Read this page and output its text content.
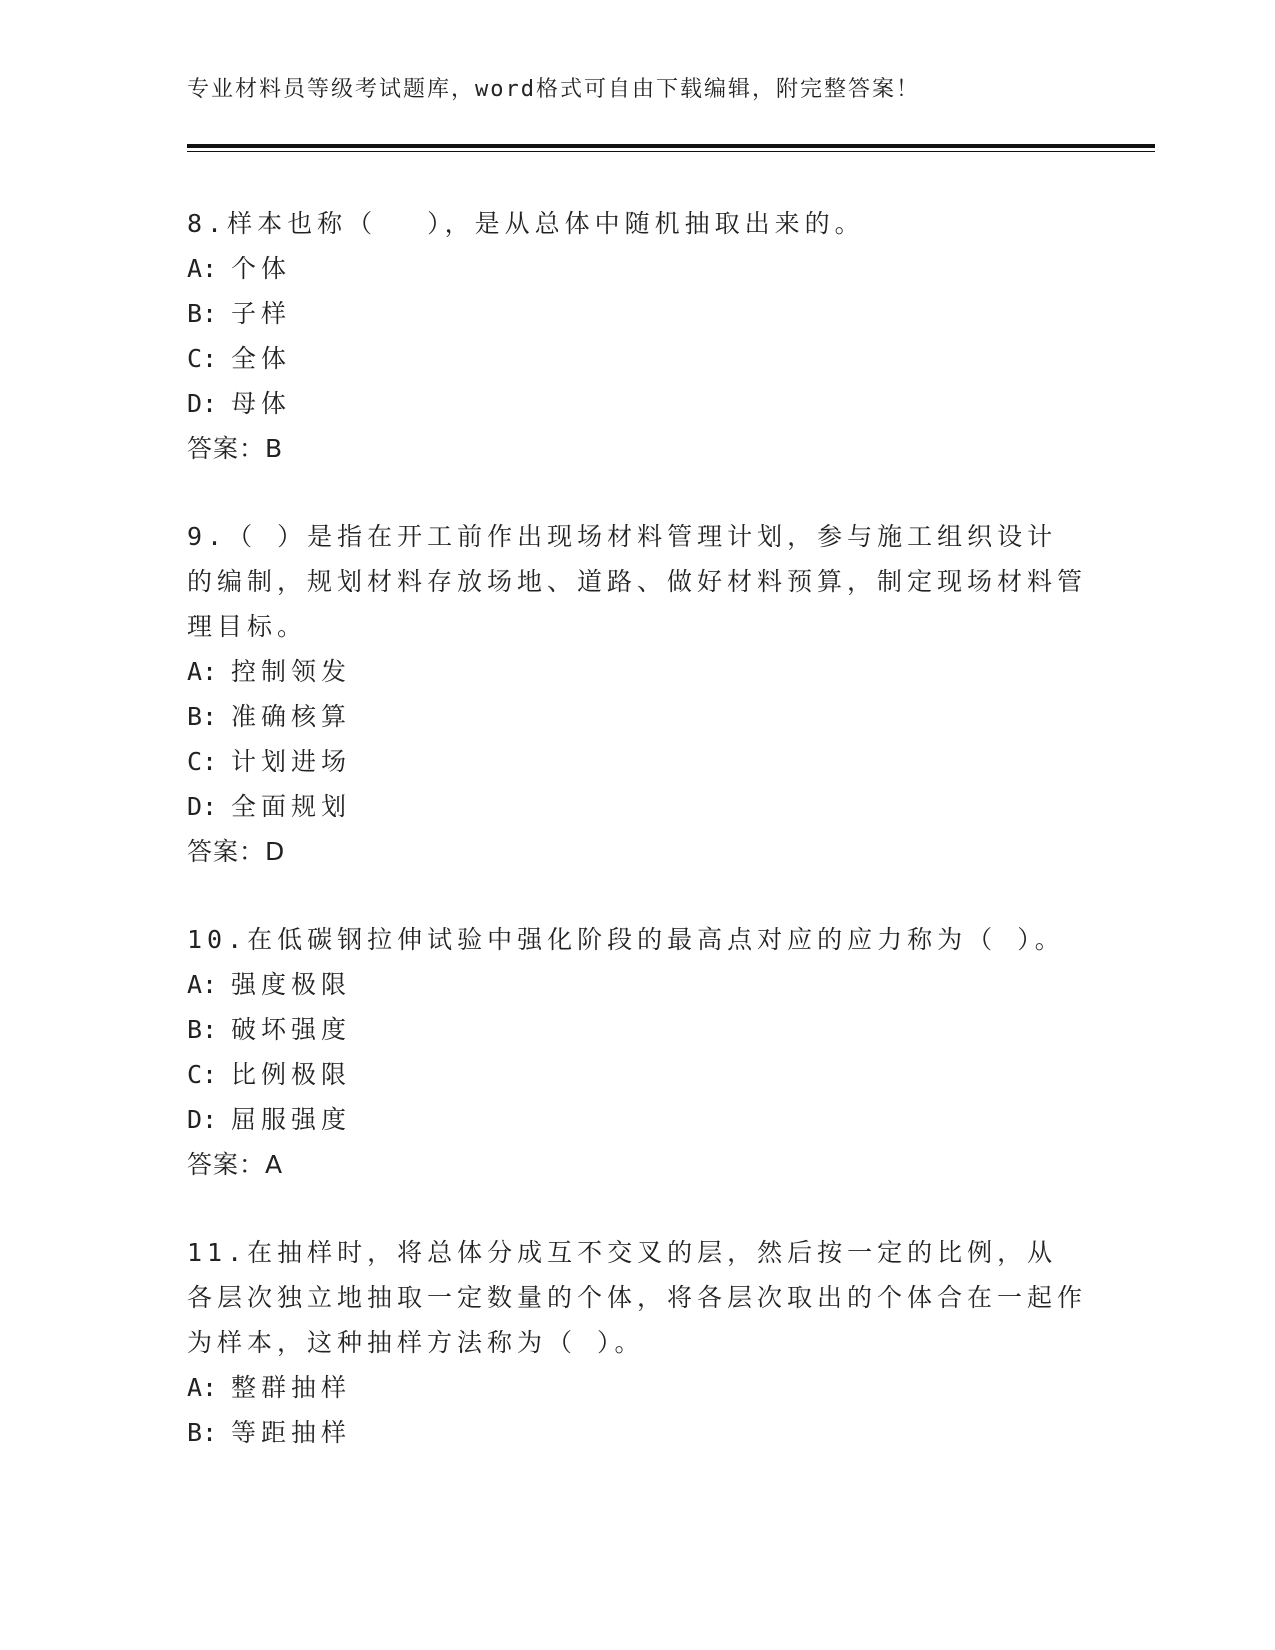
专业材料员等级考试题库，word格式可自由下载编辑，附完整答案！
8.样本也称（　 ），是从总体中随机抽取出来的。
A: 个体
B: 子样
C: 全体
D: 母体
答案：B
9.（ ）是指在开工前作出现场材料管理计划，参与施工组织设计的编制，规划材料存放场地、道路、做好材料预算，制定现场材料管理目标。
A: 控制领发
B: 准确核算
C: 计划进场
D: 全面规划
答案：D
10.在低碳钢拉伸试验中强化阶段的最高点对应的应力称为（ ）。
A: 强度极限
B: 破坏强度
C: 比例极限
D: 屈服强度
答案：A
11.在抽样时，将总体分成互不交叉的层，然后按一定的比例，从各层次独立地抽取一定数量的个体，将各层次取出的个体合在一起作为样本，这种抽样方法称为（ ）。
A: 整群抽样
B: 等距抽样
